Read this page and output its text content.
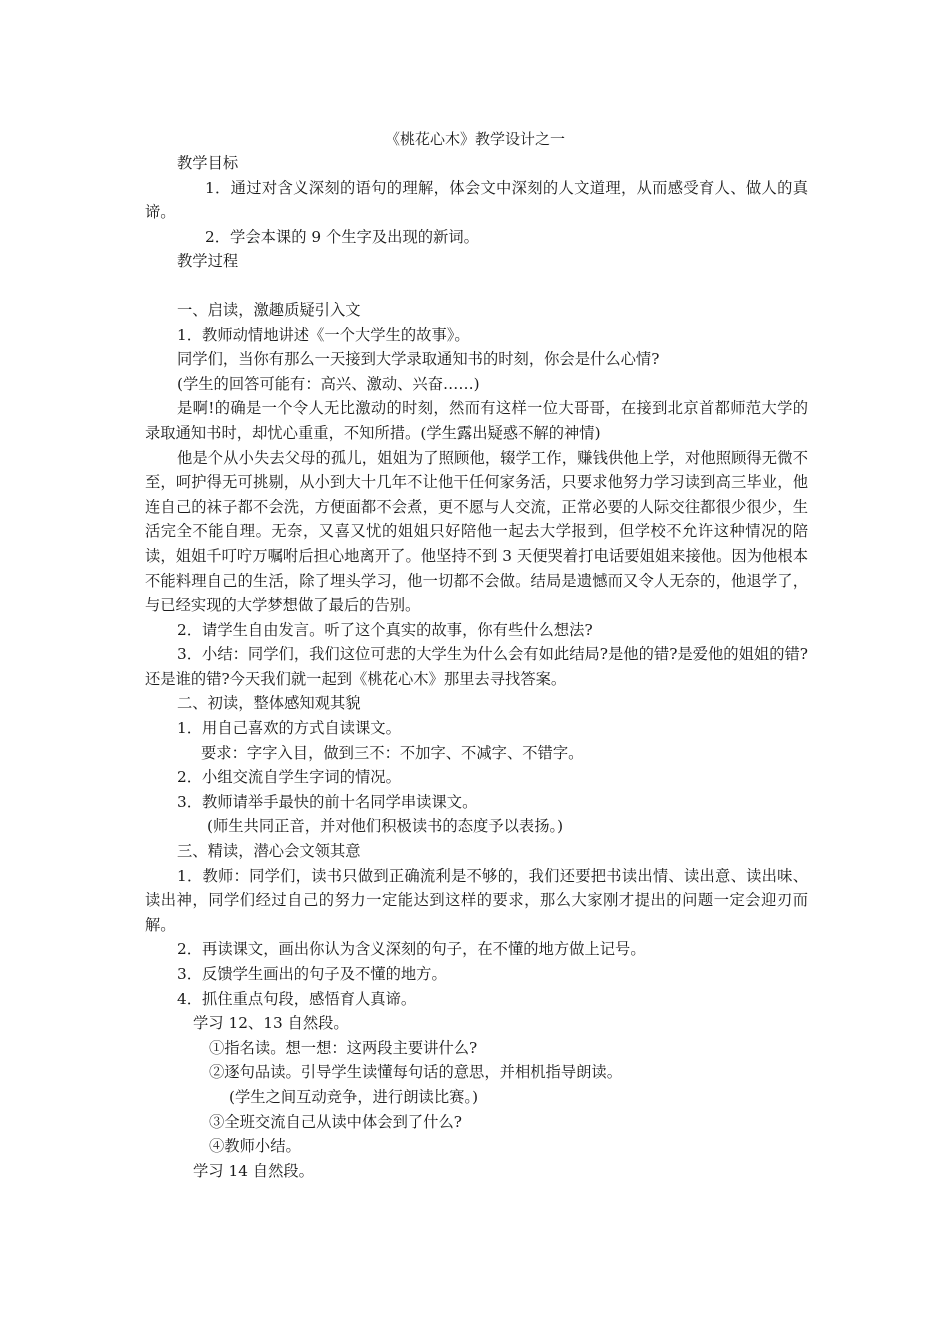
《桃花心木》教学设计之一

教学目标

1．通过对含义深刻的语句的理解，体会文中深刻的人文道理，从而感受育人、做人的真谛。

2．学会本课的 9 个生字及出现的新词。

教学过程

一、启读，激趣质疑引入文

1．教师动情地讲述《一个大学生的故事》。

同学们，当你有那么一天接到大学录取通知书的时刻，你会是什么心情?

(学生的回答可能有：高兴、激动、兴奋……)

是啊!的确是一个令人无比激动的时刻，然而有这样一位大哥哥，在接到北京首都师范大学的录取通知书时，却忧心重重，不知所措。(学生露出疑惑不解的神情)

他是个从小失去父母的孤儿，姐姐为了照顾他，辍学工作，赚钱供他上学，对他照顾得无微不至，呵护得无可挑剔，从小到大十几年不让他干任何家务活，只要求他努力学习读到高三毕业，他连自己的袜子都不会洗，方便面都不会煮，更不愿与人交流，正常必要的人际交往都很少很少，生活完全不能自理。无奈，又喜又忧的姐姐只好陪他一起去大学报到，但学校不允许这种情况的陪读，姐姐千叮咛万嘱咐后担心地离开了。他坚持不到 3 天便哭着打电话要姐姐来接他。因为他根本不能料理自己的生活，除了埋头学习，他一切都不会做。结局是遗憾而又令人无奈的，他退学了，与已经实现的大学梦想做了最后的告别。

2．请学生自由发言。听了这个真实的故事，你有些什么想法?

3．小结：同学们，我们这位可悲的大学生为什么会有如此结局?是他的错?是爱他的姐姐的错?还是谁的错?今天我们就一起到《桃花心木》那里去寻找答案。

二、初读，整体感知观其貌

1．用自己喜欢的方式自读课文。

要求：字字入目，做到三不：不加字、不减字、不错字。

2．小组交流自学生字词的情况。

3．教师请举手最快的前十名同学串读课文。

(师生共同正音，并对他们积极读书的态度予以表扬。)

三、精读，潜心会文领其意

1．教师：同学们，读书只做到正确流利是不够的，我们还要把书读出情、读出意、读出味、读出神，同学们经过自己的努力一定能达到这样的要求，那么大家刚才提出的问题一定会迎刃而解。

2．再读课文，画出你认为含义深刻的句子，在不懂的地方做上记号。

3．反馈学生画出的句子及不懂的地方。

4．抓住重点句段，感悟育人真谛。

学习 12、13 自然段。

①指名读。想一想：这两段主要讲什么?

②逐句品读。引导学生读懂每句话的意思，并相机指导朗读。

(学生之间互动竞争，进行朗读比赛。)

③全班交流自己从读中体会到了什么?

④教师小结。

学习 14 自然段。
